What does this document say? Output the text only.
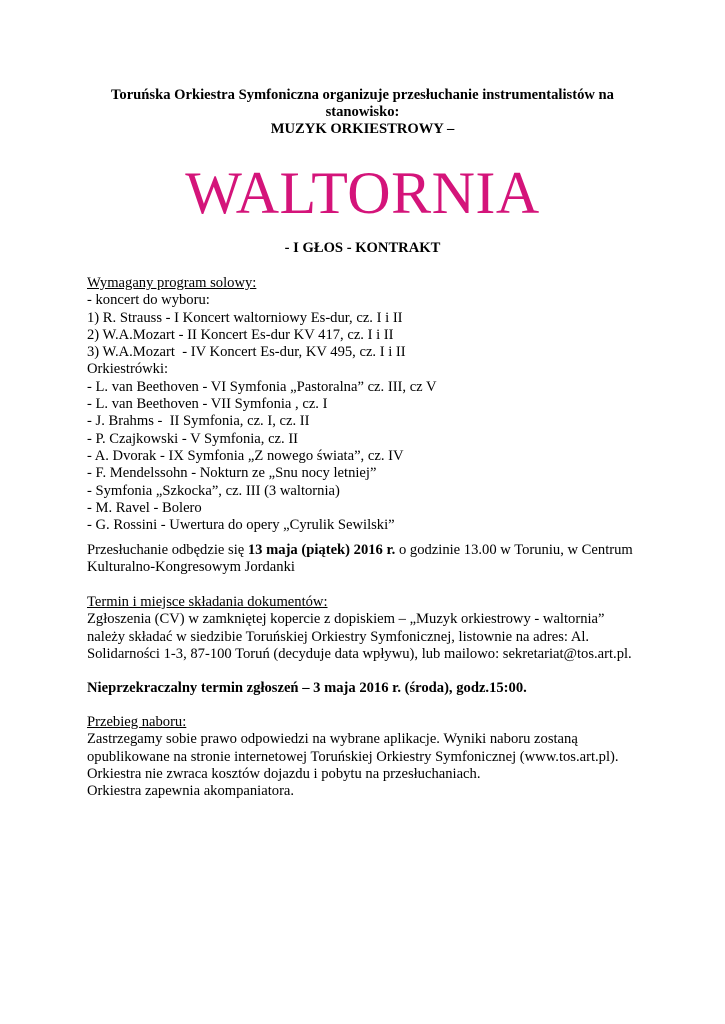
Toruńska Orkiestra Symfoniczna organizuje przesłuchanie instrumentalistów na
stanowisko:
MUZYK ORKIESTROWY –
WALTORNIA
- I GŁOS - KONTRAKT
Wymagany program solowy:
- koncert do wyboru:
1) R. Strauss - I Koncert waltorniowy Es-dur, cz. I i II
2) W.A.Mozart - II Koncert Es-dur KV 417, cz. I i II
3) W.A.Mozart  - IV Koncert Es-dur, KV 495, cz. I i II
Orkiestrówki:
- L. van Beethoven - VI Symfonia „Pastoralna” cz. III, cz V
- L. van Beethoven - VII Symfonia , cz. I
- J. Brahms -  II Symfonia, cz. I, cz. II
- P. Czajkowski - V Symfonia, cz. II
- A. Dvorak - IX Symfonia „Z nowego świata”, cz. IV
- F. Mendelssohn - Nokturn ze „Snu nocy letniej”
- Symfonia „Szkocka”, cz. III (3 waltornia)
- M. Ravel - Bolero
- G. Rossini - Uwertura do opery „Cyrulik Sewilski”
Przesłuchanie odbędzie się 13 maja (piątek) 2016 r. o godzinie 13.00 w Toruniu, w Centrum
Kulturalno-Kongresowym Jordanki
Termin i miejsce składania dokumentów:
Zgłoszenia (CV) w zamkniętej kopercie z dopiskiem – „Muzyk orkiestrowy - waltornia”
należy składać w siedzibie Toruńskiej Orkiestry Symfonicznej, listownie na adres: Al.
Solidarności 1-3, 87-100 Toruń (decyduje data wpływu), lub mailowo: sekretariat@tos.art.pl.
Nieprzekraczalny termin zgłoszeń – 3 maja 2016 r. (środa), godz.15:00.
Przebieg naboru:
Zastrzegamy sobie prawo odpowiedzi na wybrane aplikacje. Wyniki naboru zostaną
opublikowane na stronie internetowej Toruńskiej Orkiestry Symfonicznej (www.tos.art.pl).
Orkiestra nie zwraca kosztów dojazdu i pobytu na przesłuchaniach.
Orkiestra zapewnia akompaniatora.
